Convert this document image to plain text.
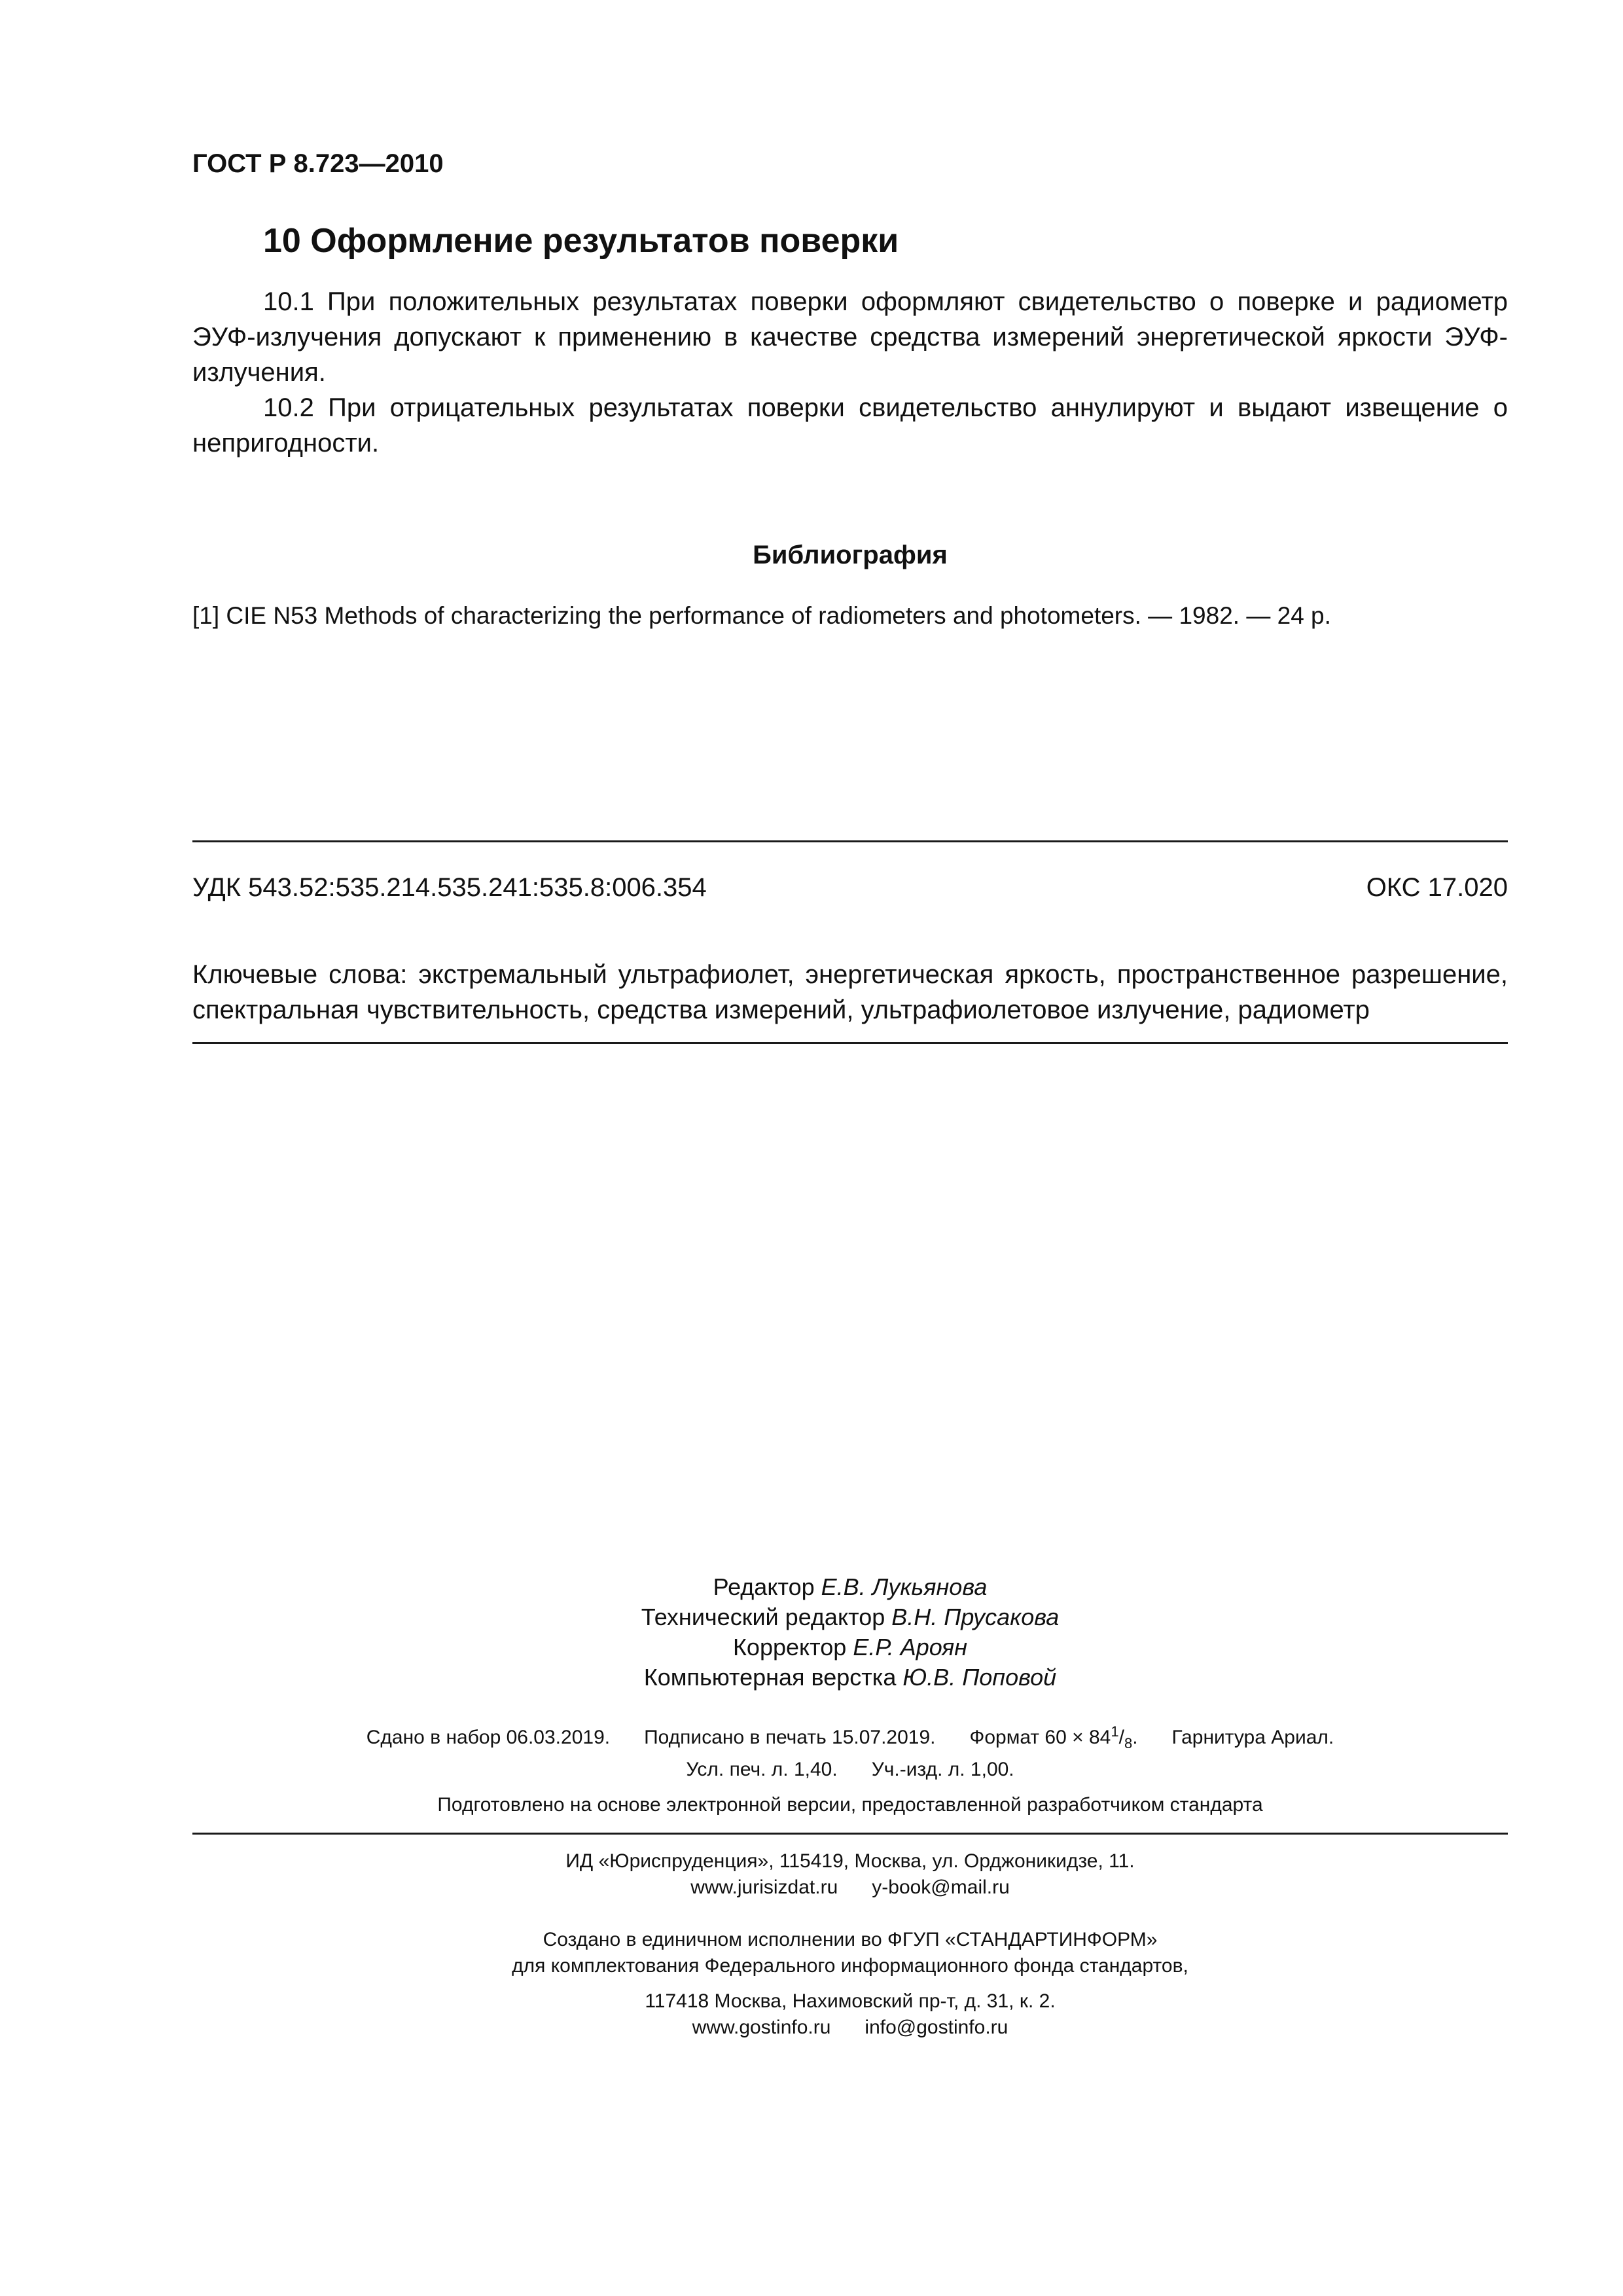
ГОСТ Р 8.723—2010
10 Оформление результатов поверки

10.1 При положительных результатах поверки оформляют свидетельство о поверке и радиометр ЭУФ-излучения допускают к применению в качестве средства измерений энергетической яркости ЭУФ-излучения.

10.2 При отрицательных результатах поверки свидетельство аннулируют и выдают извещение о непригодности.

Библиография
[1] CIE N53 Methods of characterizing the performance of radiometers and photometers. — 1982. — 24 p.
УДК 543.52:535.214.535.241:535.8:006.354	ОКС 17.020
Ключевые слова: экстремальный ультрафиолет, энергетическая яркость, пространственное разрешение, спектральная чувствительность, средства измерений, ультрафиолетовое излучение, радиометр
Редактор Е.В. Лукьянова
Технический редактор В.Н. Прусакова
Корректор Е.Р. Ароян
Компьютерная верстка Ю.В. Поповой
Сдано в набор 06.03.2019. Подписано в печать 15.07.2019. Формат $60 \times 84^1/_8$. Гарнитура Ариал.
Усл. печ. л. 1,40. Уч.-изд. л. 1,00.
Подготовлено на основе электронной версии, предоставленной разработчиком стандарта
ИД «Юриспруденция», 115419, Москва, ул. Орджоникидзе, 11.
www.jurisizdat.ru y-book@mail.ru
Создано в единичном исполнении во ФГУП «СТАНДАРТИНФОРМ»
для комплектования Федерального информационного фонда стандартов,
117418 Москва, Нахимовский пр-т, д. 31, к. 2.
www.gostinfo.ru info@gostinfo.ru
